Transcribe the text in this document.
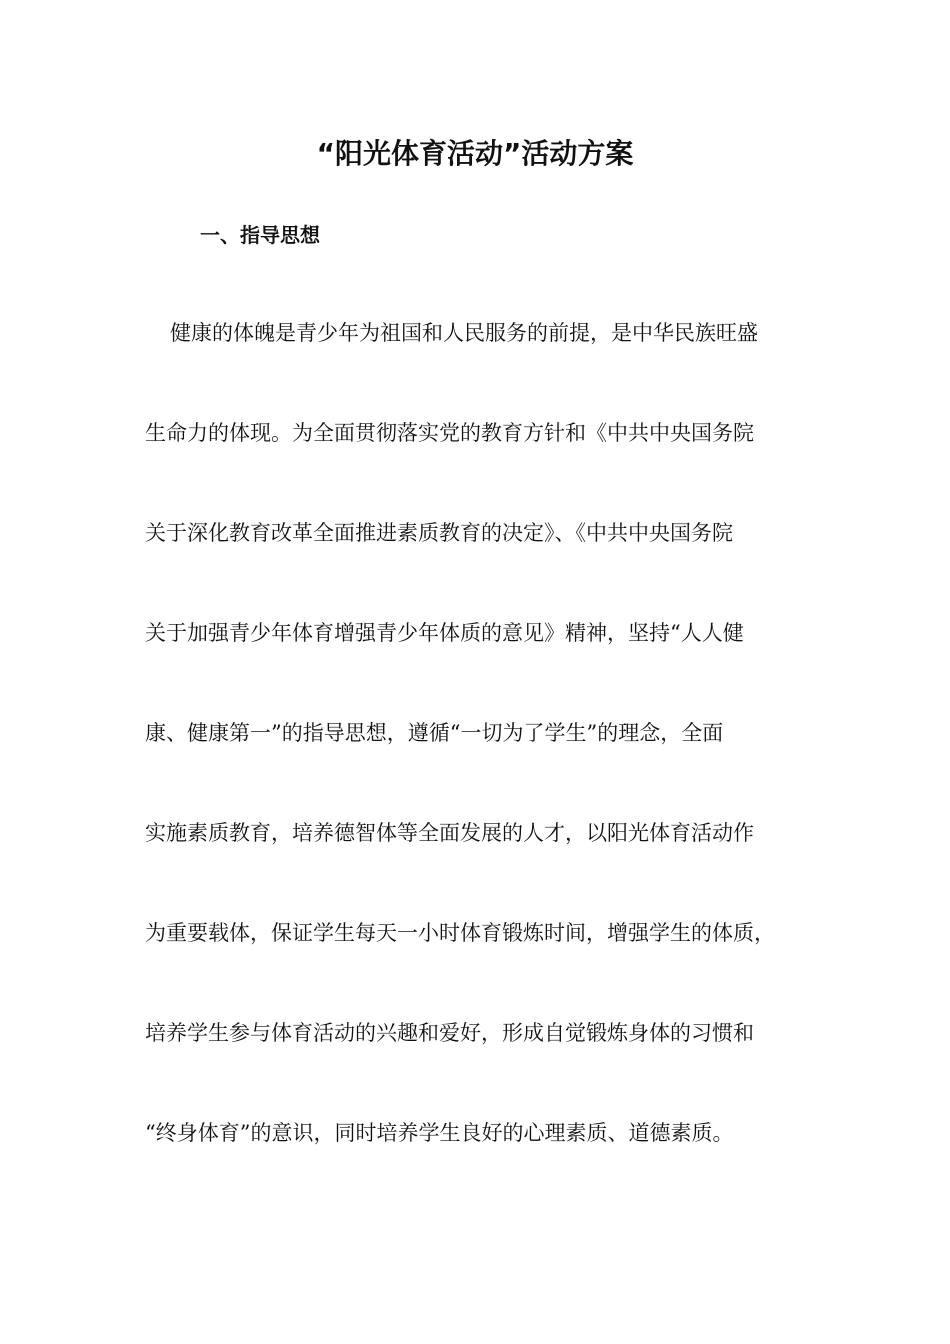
“阳光体育活动”活动方案
一、指导思想
健康的体魄是青少年为祖国和人民服务的前提，是中华民族旺盛
生命力的体现。为全面贯彻落实党的教育方针和《中共中央国务院
关于深化教育改革全面推进素质教育的决定》、《中共中央国务院
关于加强青少年体育增强青少年体质的意见》精神，坚持“人人健
康、健康第一”的指导思想，遵循“一切为了学生”的理念，全面
实施素质教育，培养德智体等全面发展的人才，以阳光体育活动作
为重要载体，保证学生每天一小时体育锻炼时间，增强学生的体质，
培养学生参与体育活动的兴趣和爱好，形成自觉锻炼身体的习惯和
“终身体育”的意识，同时培养学生良好的心理素质、道德素质。
